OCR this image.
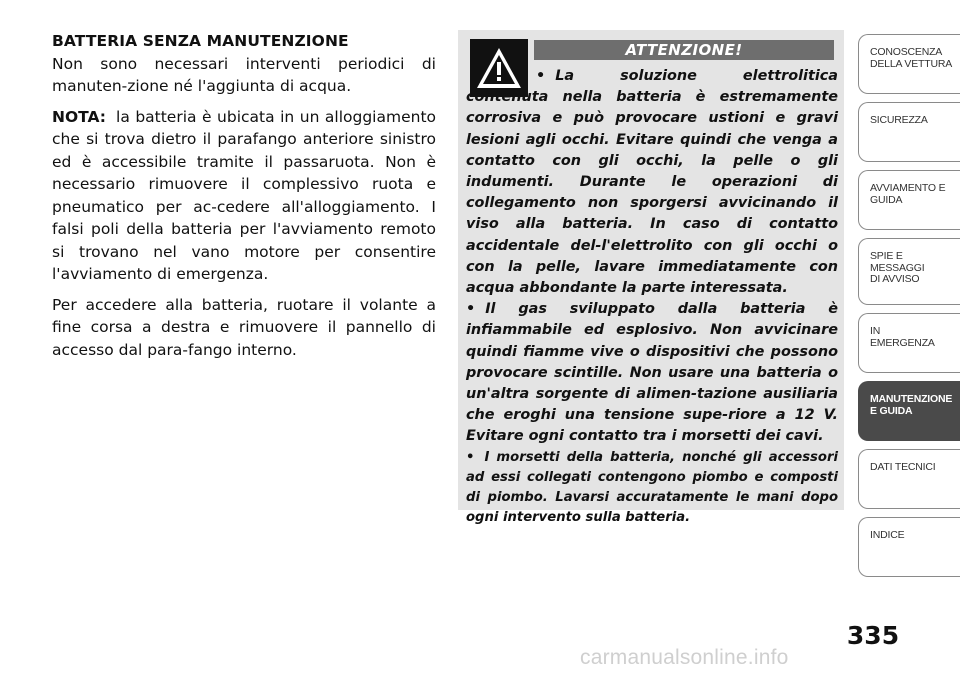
BATTERIA SENZA MANUTENZIONE

Non sono necessari interventi periodici di manuten-zione né l'aggiunta di acqua.

NOTA: la batteria è ubicata in un alloggiamento che si trova dietro il parafango anteriore sinistro ed è accessibile tramite il passaruota. Non è necessario rimuovere il complessivo ruota e pneumatico per ac-cedere all'alloggiamento. I falsi poli della batteria per l'avviamento remoto si trovano nel vano motore per consentire l'avviamento di emergenza.

Per accedere alla batteria, ruotare il volante a fine corsa a destra e rimuovere il pannello di accesso dal para-fango interno.

ATTENZIONE!

• La soluzione elettrolitica contenuta nella batteria è estremamente corrosiva e può provocare ustioni e gravi lesioni agli occhi. Evitare quindi che venga a contatto con gli occhi, la pelle o gli indumenti. Durante le operazioni di collegamento non sporgersi avvicinando il viso alla batteria. In caso di contatto accidentale del-l'elettrolito con gli occhi o con la pelle, lavare immediatamente con acqua abbondante la parte interessata.

• Il gas sviluppato dalla batteria è infiammabile ed esplosivo. Non avvicinare quindi fiamme vive o dispositivi che possono provocare scintille. Non usare una batteria o un'altra sorgente di alimen-tazione ausiliaria che eroghi una tensione supe-riore a 12 V. Evitare ogni contatto tra i morsetti dei cavi.

• I morsetti della batteria, nonché gli accessori ad essi collegati contengono piombo e composti di piombo. Lavarsi accuratamente le mani dopo ogni intervento sulla batteria.

CONOSCENZA
DELLA VETTURA
SICUREZZA
AVVIAMENTO E
GUIDA
SPIE E
MESSAGGI
DI AVVISO
IN
EMERGENZA
MANUTENZIONE
E GUIDA
DATI TECNICI
INDICE
335
carmanualsonline.info
